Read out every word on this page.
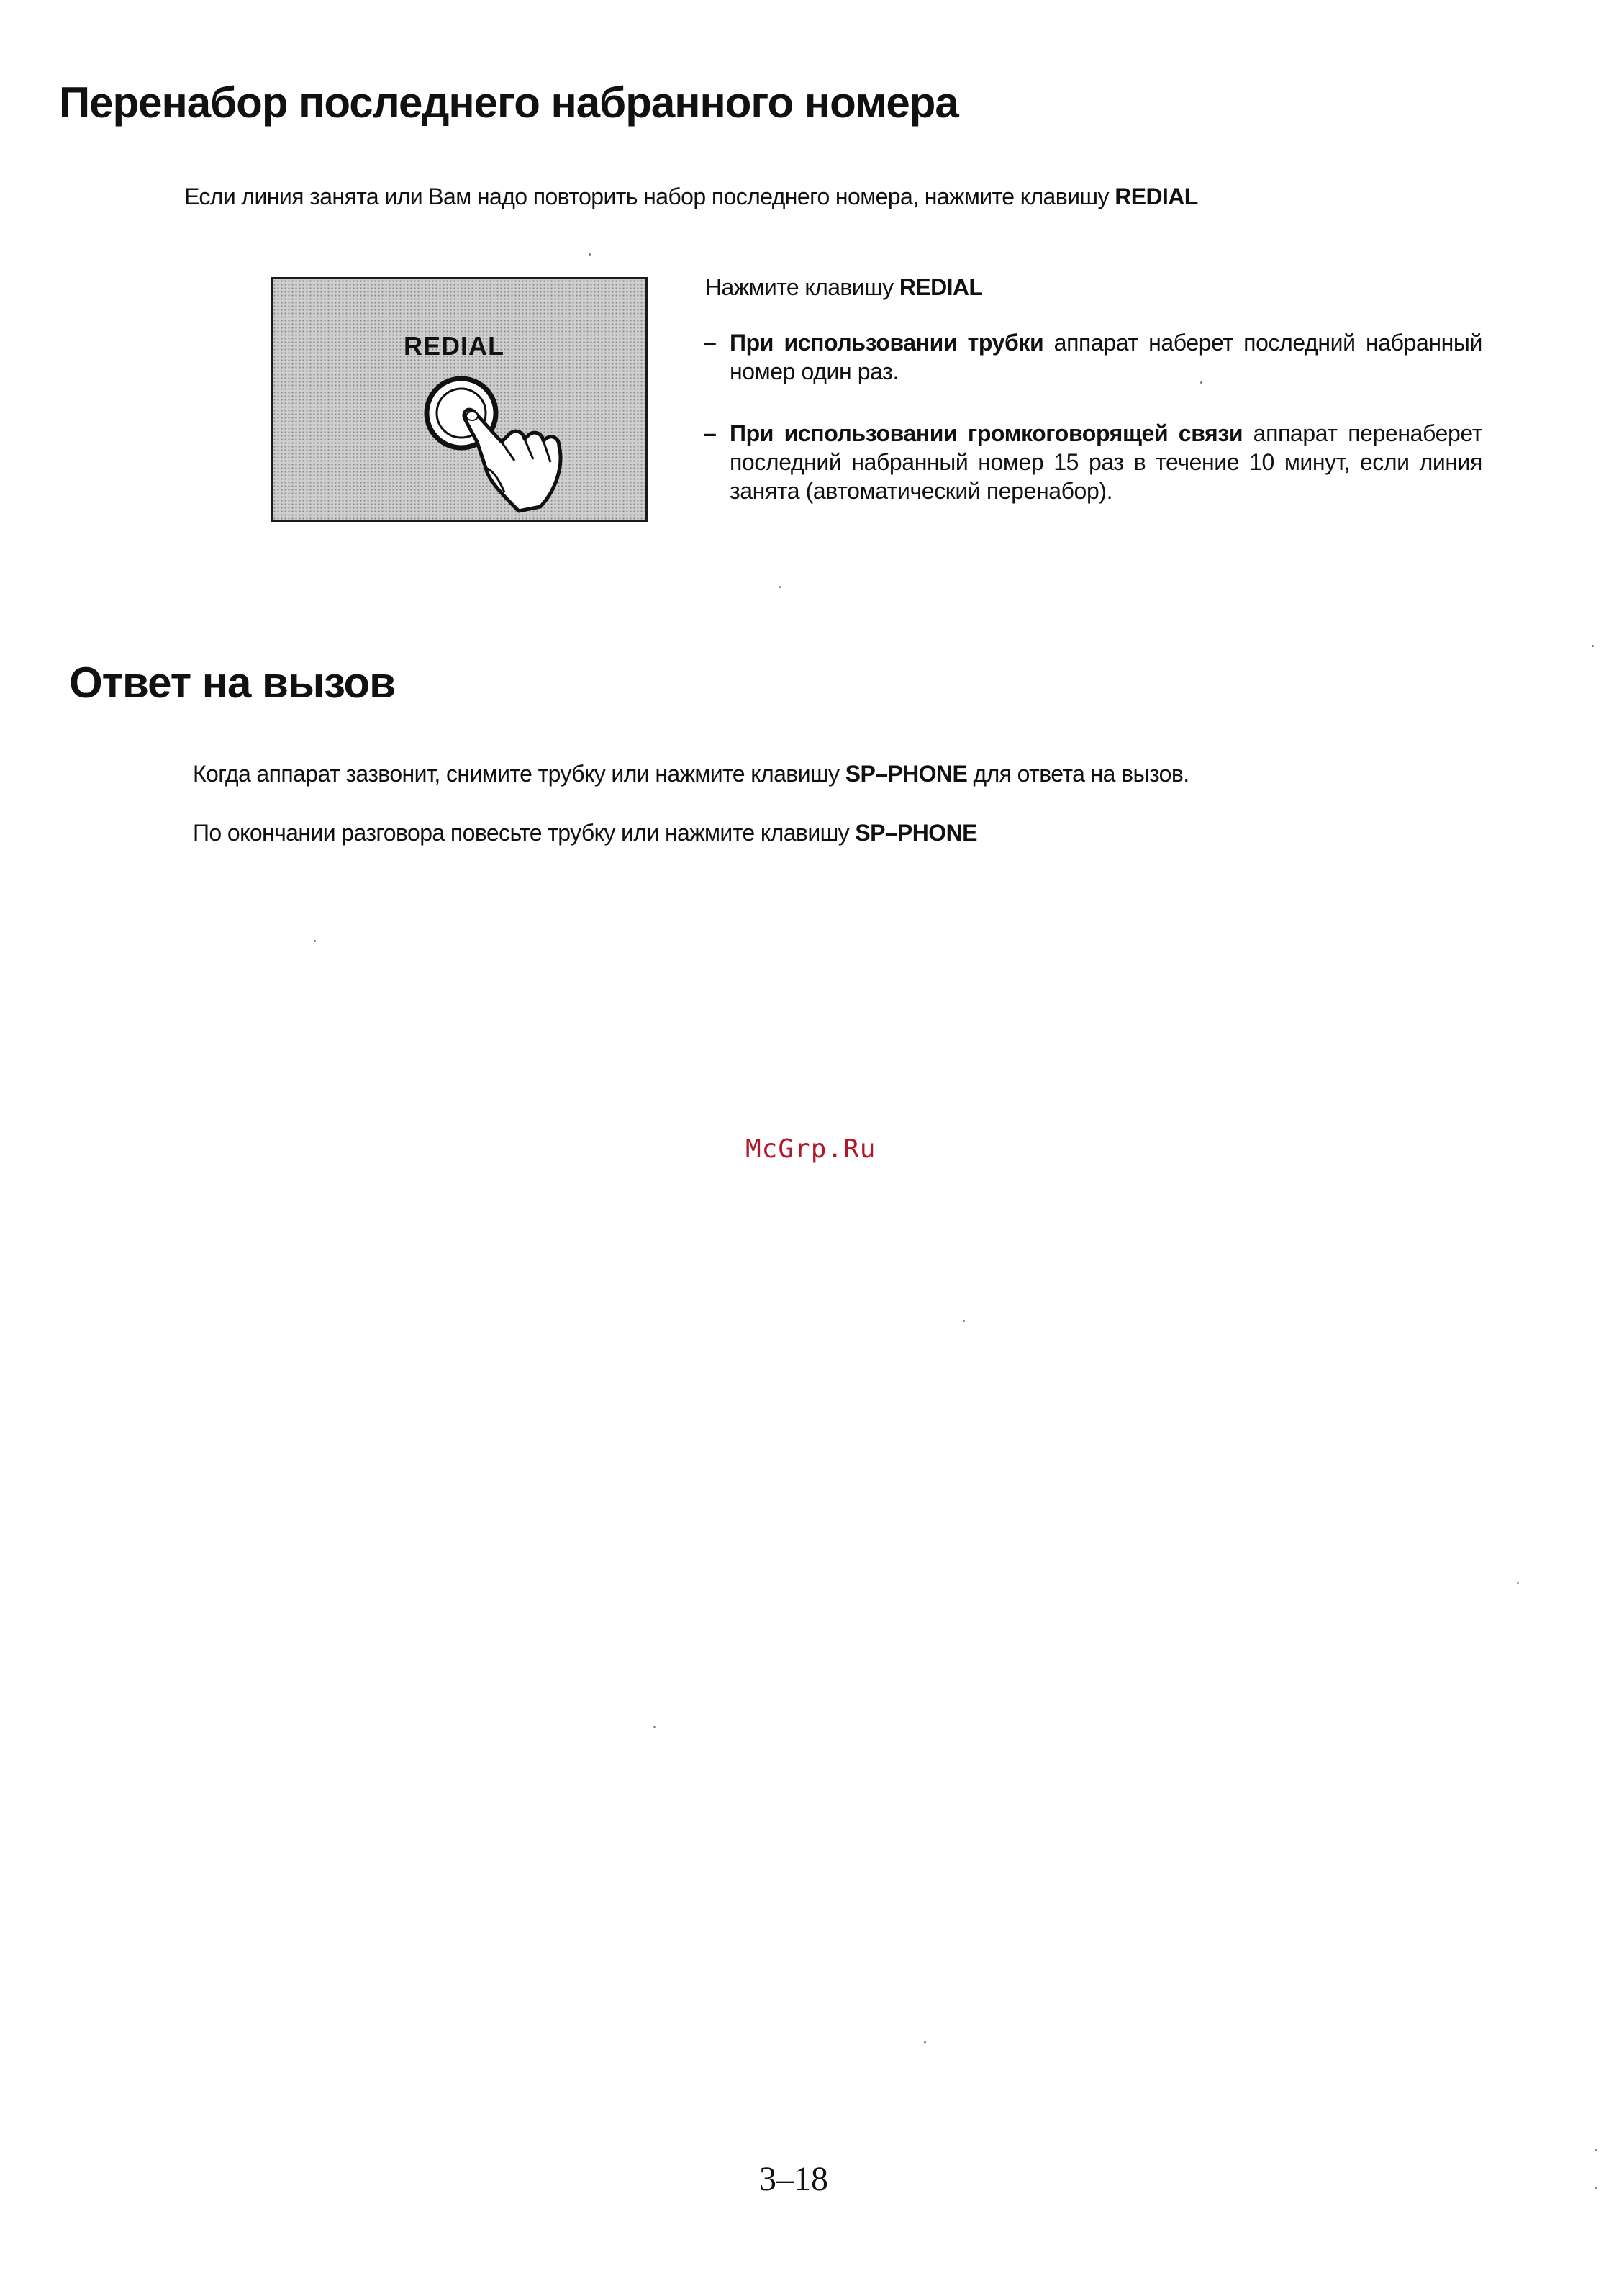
Перенабор последнего набранного номера
Если линия занята или Вам надо повторить набор последнего номера, нажмите клавишу REDIAL
REDIAL
Нажмите клавишу REDIAL
– При использовании трубки аппарат наберет последний набранный номер один раз.
– При использовании громкоговорящей связи аппарат перенаберет последний набранный номер 15 раз в течение 10 минут, если линия занята (автоматический перенабор).
Ответ на вызов
Когда аппарат зазвонит, снимите трубку или нажмите клавишу SP–PHONE для ответа на вызов.
По окончании разговора повесьте трубку или нажмите клавишу SP–PHONE
McGrp.Ru
3–18
